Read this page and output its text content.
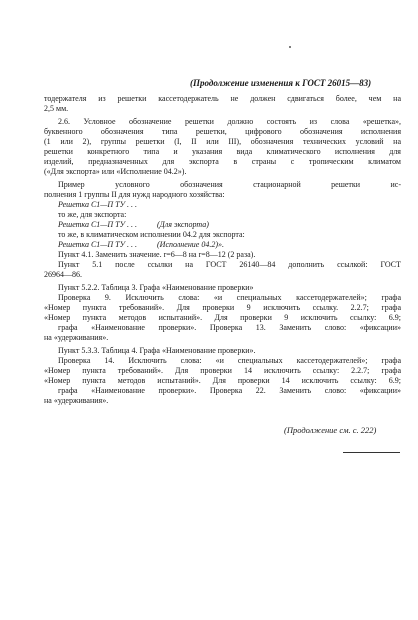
(Продолжение изменения к ГОСТ 26015—83)
тодержателя из решетки кассетодержатель не должен сдвигаться более, чем на
2,5 мм.
2.6. Условное обозначение решетки должно состоять из слова «решетка»,
буквенного обозначения типа решетки, цифрового обозначения исполнения
(1 или 2), группы решетки (I, II или III), обозначения технических условий на
решетки конкретного типа и указания вида климатического исполнения для
изделий, предназначенных для экспорта в страны с тропическим климатом
(«Для экспорта» или «Исполнение 04.2»).
Пример условного обозначения стационарной решетки ис-
полнения 1 группы II для нужд народного хозяйства:
Решетка С1—П ТУ . . .
то же, для экспорта:
Решетка С1—П ТУ . . .          (Для экспорта)
то же, в климатическом исполнении 04.2 для экспорта:
Решетка С1—П ТУ . . .          (Исполнение 04.2)».
Пункт 4.1. Заменить значение. r=6—8 на r=8—12 (2 раза).
Пункт 5.1 после ссылки на ГОСТ 26140—84 дополнить ссылкой: ГОСТ
26964—86.
Пункт 5.2.2. Таблица 3. Графа «Наименование проверки»
Проверка 9. Исключить слова: «и специальных кассетодержателей»; графа
«Номер пункта требований». Для проверки 9 исключить ссылку. 2.2.7; графа
«Номер пункта методов испытаний». Для проверки 9 исключить ссылку: 6.9;
графа «Наименование проверки». Проверка 13. Заменить слово: «фиксации»
на «удерживания».
Пункт 5.3.3. Таблица 4. Графа «Наименование проверки».
Проверка 14. Исключить слова: «и специальных кассетодержателей»; графа
«Номер пункта требований». Для проверки 14 исключить ссылку: 2.2.7; графа
«Номер пункта методов испытаний». Для проверки 14 исключить ссылку: 6.9;
графа «Наименование проверки». Проверка 22. Заменить слово: «фиксации»
на «удерживания».
(Продолжение см. с. 222)
